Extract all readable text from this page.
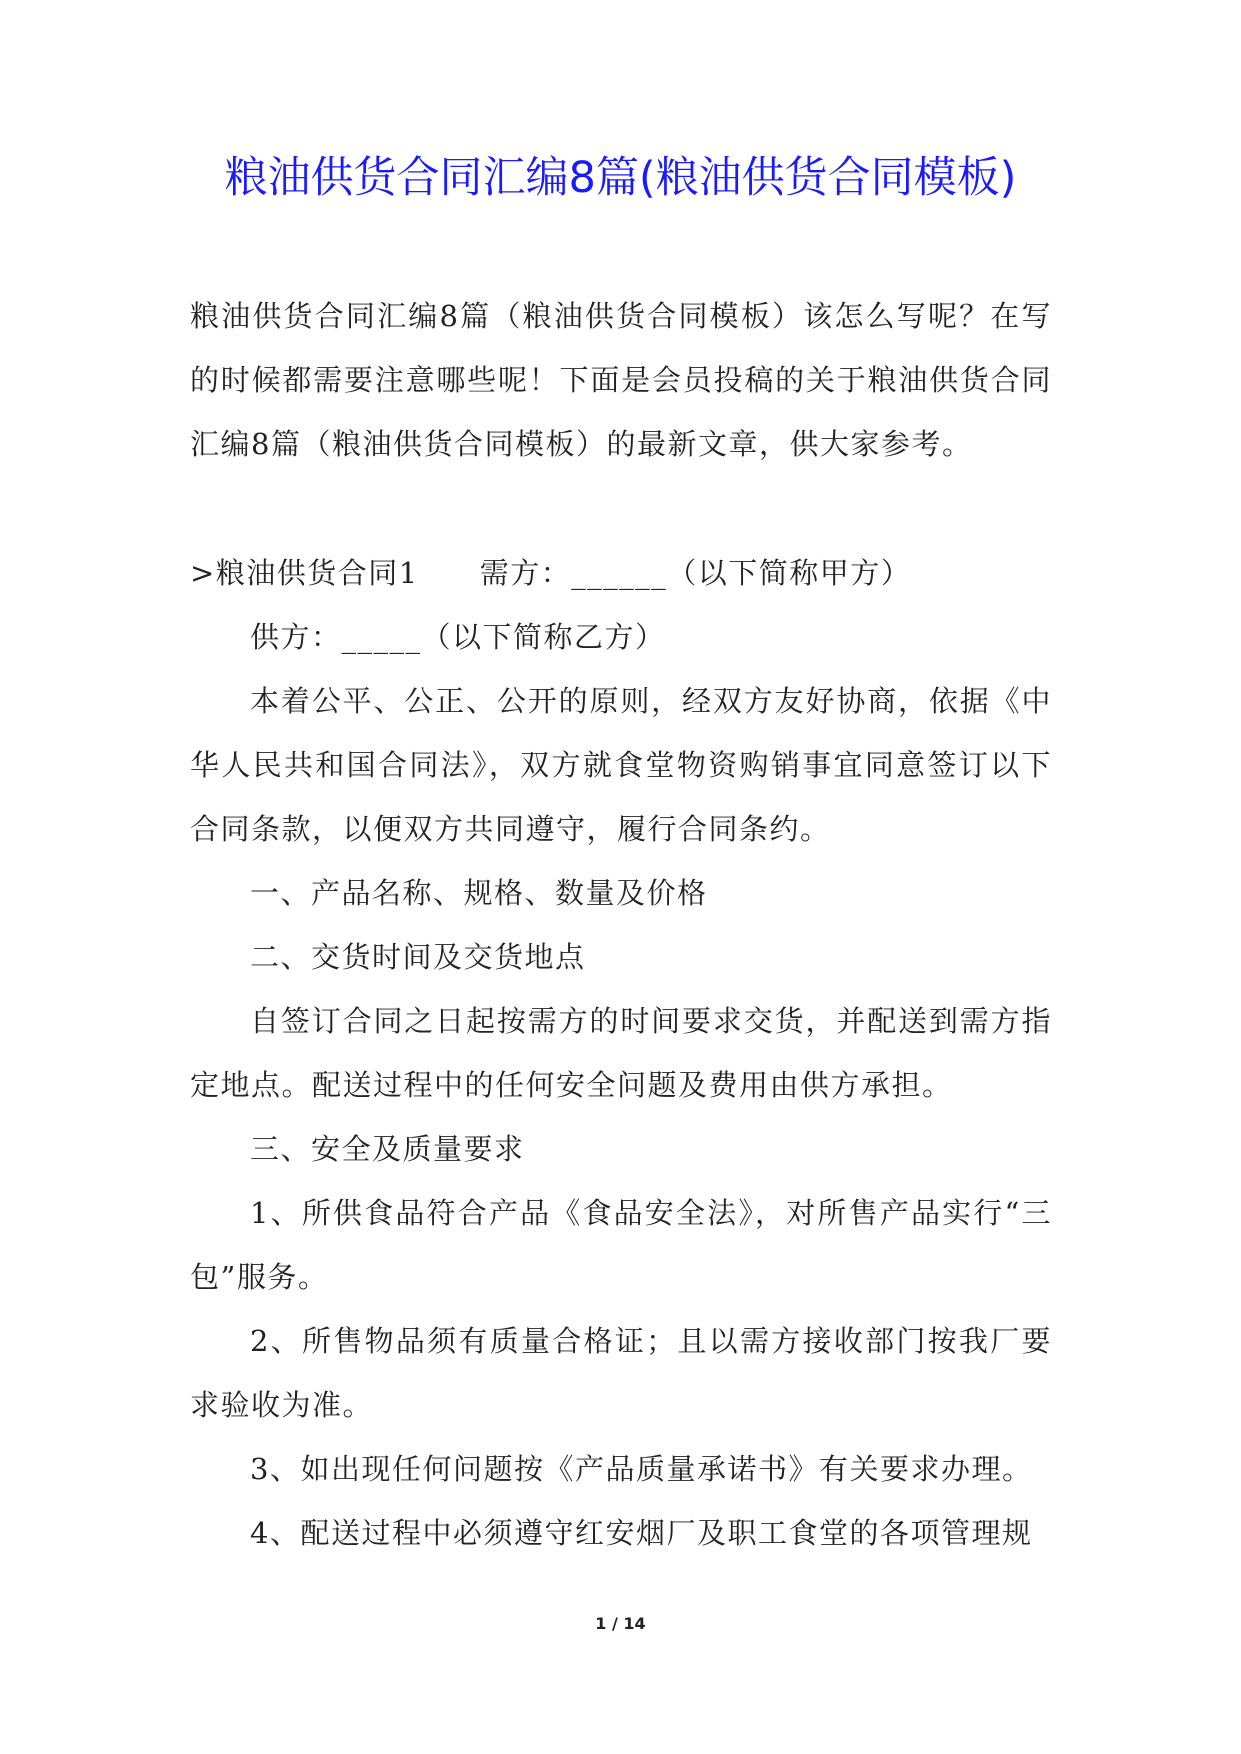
粮油供货合同汇编8篇(粮油供货合同模板)

粮油供货合同汇编8篇（粮油供货合同模板）该怎么写呢？在写的时候都需要注意哪些呢！下面是会员投稿的关于粮油供货合同汇编8篇（粮油供货合同模板）的最新文章，供大家参考。

>粮油供货合同1　　需方：______（以下简称甲方）

供方：_____（以下简称乙方）

本着公平、公正、公开的原则，经双方友好协商，依据《中华人民共和国合同法》，双方就食堂物资购销事宜同意签订以下合同条款，以便双方共同遵守，履行合同条约。

一、产品名称、规格、数量及价格

二、交货时间及交货地点

自签订合同之日起按需方的时间要求交货，并配送到需方指定地点。配送过程中的任何安全问题及费用由供方承担。

三、安全及质量要求

1、所供食品符合产品《食品安全法》，对所售产品实行“三包”服务。

2、所售物品须有质量合格证；且以需方接收部门按我厂要求验收为准。

3、如出现任何问题按《产品质量承诺书》有关要求办理。

4、配送过程中必须遵守红安烟厂及职工食堂的各项管理规

1 / 14
